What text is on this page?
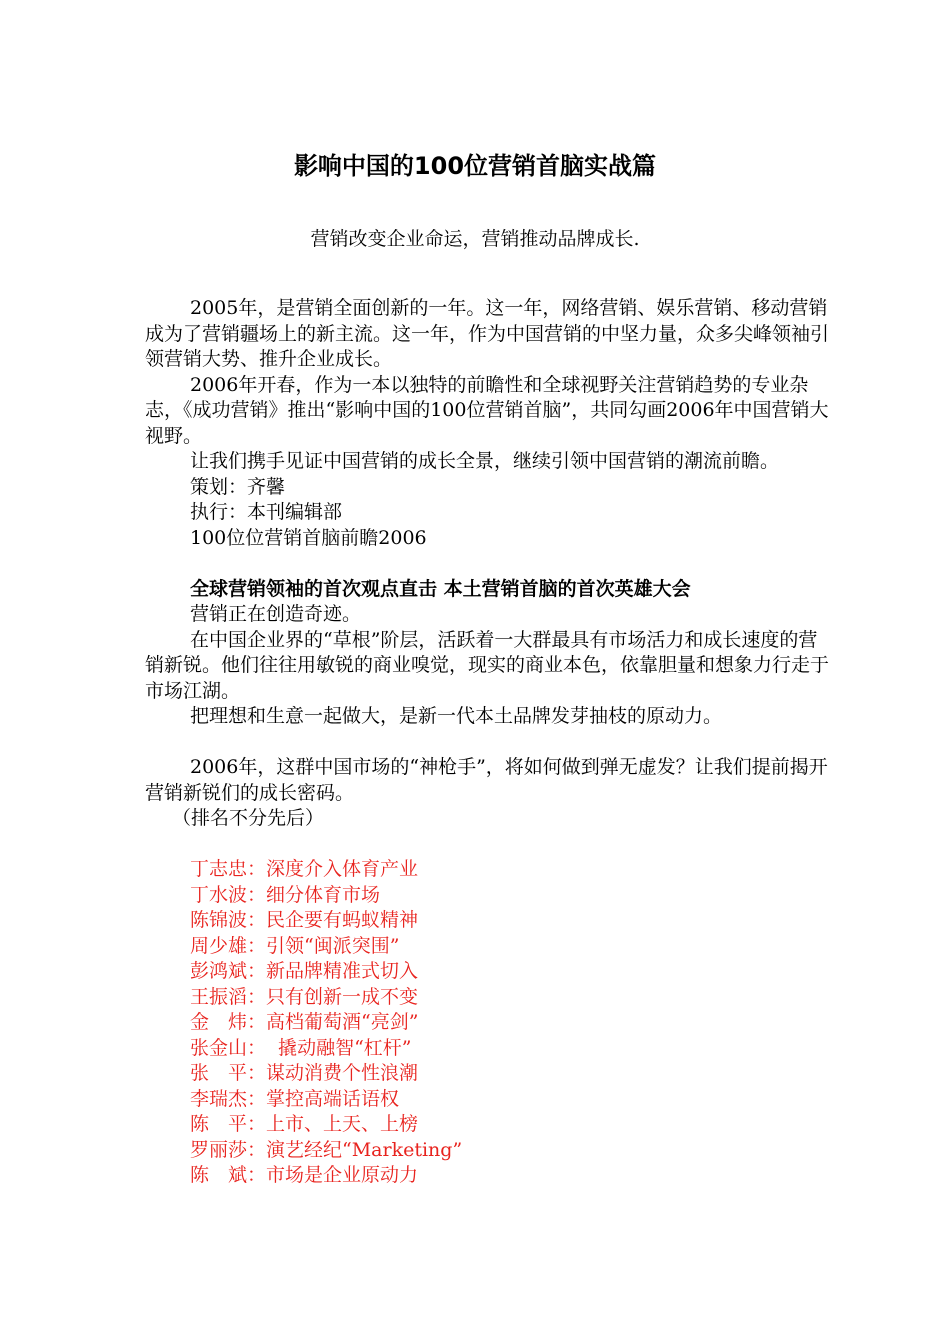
影响中国的100位营销首脑实战篇
营销改变企业命运，营销推动品牌成长.

2005年，是营销全面创新的一年。这一年，网络营销、娱乐营销、移动营销成为了营销疆场上的新主流。这一年，作为中国营销的中坚力量，众多尖峰领袖引领营销大势、推升企业成长。

2006年开春，作为一本以独特的前瞻性和全球视野关注营销趋势的专业杂志，《成功营销》推出“影响中国的100位营销首脑”，共同勾画2006年中国营销大视野。

让我们携手见证中国营销的成长全景，继续引领中国营销的潮流前瞻。

策划：齐馨

执行：本刊编辑部

100位位营销首脑前瞻2006

全球营销领袖的首次观点直击 本土营销首脑的首次英雄大会

营销正在创造奇迹。

在中国企业界的“草根”阶层，活跃着一大群最具有市场活力和成长速度的营销新锐。他们往往用敏锐的商业嗅觉，现实的商业本色，依靠胆量和想象力行走于市场江湖。

把理想和生意一起做大，是新一代本土品牌发芽抽枝的原动力。

2006年，这群中国市场的“神枪手”，将如何做到弹无虚发？让我们提前揭开营销新锐们的成长密码。

（排名不分先后）

丁志忠：深度介入体育产业
丁水波：细分体育市场
陈锦波：民企要有蚂蚁精神
周少雄：引领“闽派突围”
彭鸿斌：新品牌精准式切入
王振滔：只有创新一成不变
金　炜：高档葡萄酒“亮剑”
张金山：  撬动融智“杠杆”
张　平：谋动消费个性浪潮
李瑞杰：掌控高端话语权
陈　平：上市、上天、上榜
罗丽莎：演艺经纪“Marketing”
陈　斌：市场是企业原动力
